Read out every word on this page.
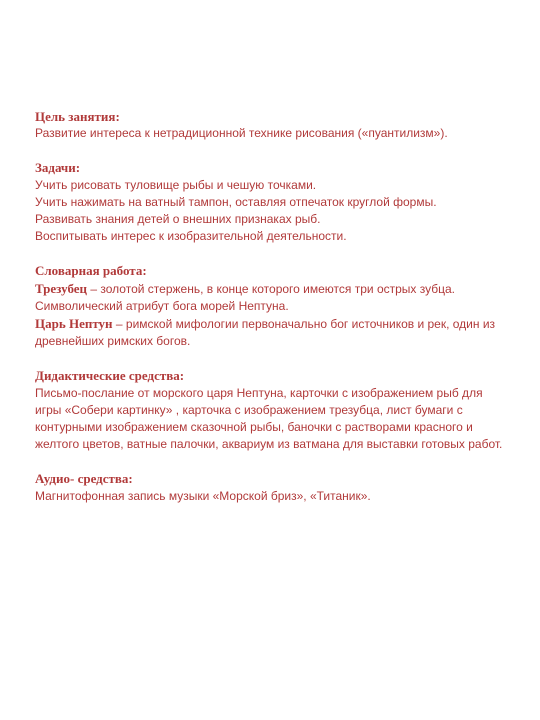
Цель занятия:
Развитие интереса к нетрадиционной технике рисования («пуантилизм»).
Задачи:
Учить рисовать туловище рыбы и чешую точками.
Учить нажимать на ватный тампон, оставляя отпечаток круглой формы.
Развивать знания детей о внешних признаках рыб.
Воспитывать интерес к изобразительной деятельности.
Словарная работа:
Трезубец – золотой стержень, в конце которого имеются три острых зубца. Символический атрибут бога морей Нептуна.
Царь Нептун – римской мифологии первоначально бог источников и рек, один из древнейших римских богов.
Дидактические средства:
Письмо-послание от морского царя Нептуна, карточки с изображением рыб для игры «Собери картинку» , карточка с изображением трезубца, лист бумаги с контурными изображением сказочной рыбы, баночки с растворами красного и желтого цветов, ватные палочки, аквариум из ватмана для выставки готовых работ.
Аудио- средства:
Магнитофонная запись музыки «Морской бриз», «Титаник».
